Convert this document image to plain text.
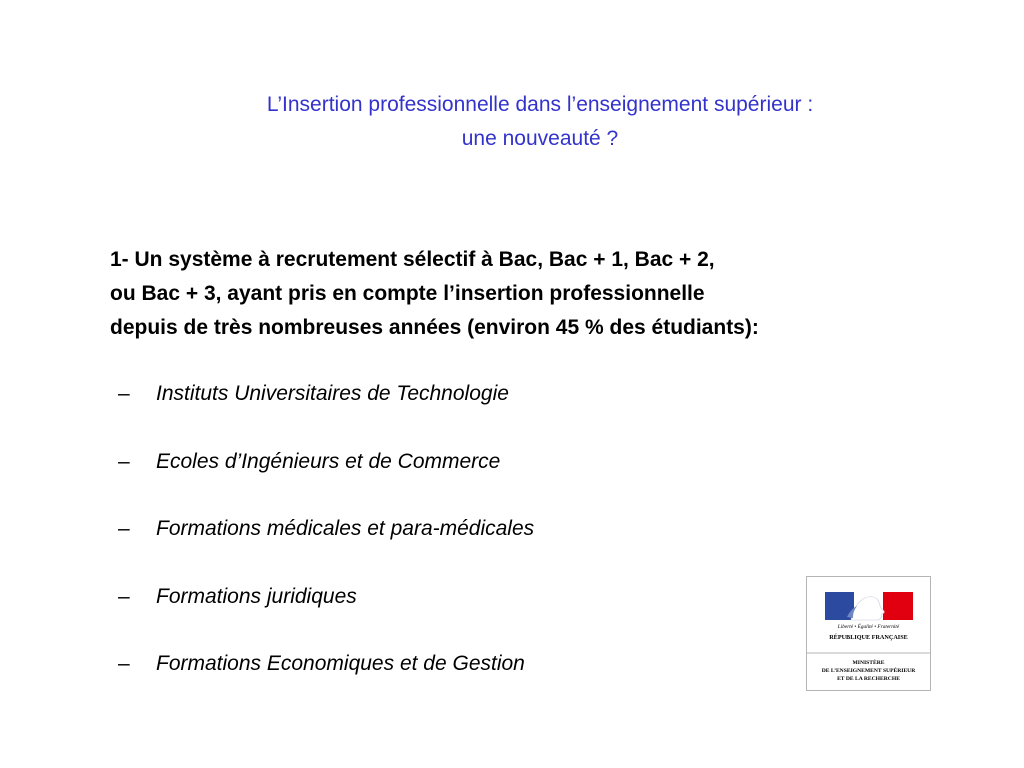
L’Insertion professionnelle dans l’enseignement supérieur :
une nouveauté ?
1- Un système à recrutement sélectif à Bac, Bac + 1, Bac + 2,
ou Bac + 3, ayant pris en compte l’insertion professionnelle
depuis de très nombreuses années (environ 45 % des étudiants):
– Instituts Universitaires de Technologie
– Ecoles d’Ingénieurs et de Commerce
– Formations médicales et para-médicales
– Formations juridiques
– Formations Economiques et de Gestion
Liberté • Égalité • Fraternité
RÉPUBLIQUE FRANÇAISE
MINISTÈRE
DE L’ENSEIGNEMENT SUPÉRIEUR
ET DE LA RECHERCHE
